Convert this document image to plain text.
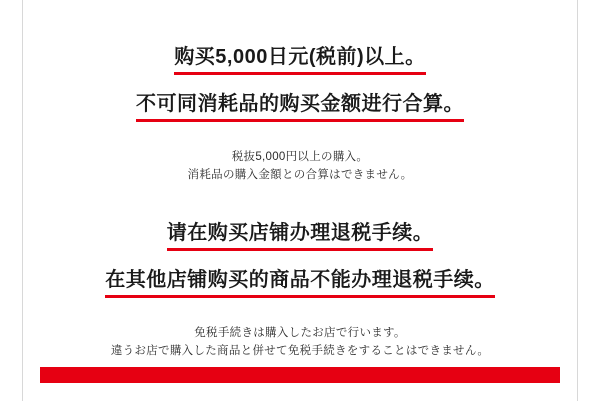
购买5,000日元(税前)以上。
不可同消耗品的购买金额进行合算。
税抜5,000円以上の購入。
消耗品の購入金額との合算はできません。
请在购买店铺办理退税手续。
在其他店铺购买的商品不能办理退税手续。
免税手続きは購入したお店で行います。
違うお店で購入した商品と併せて免税手続きをすることはできません。
